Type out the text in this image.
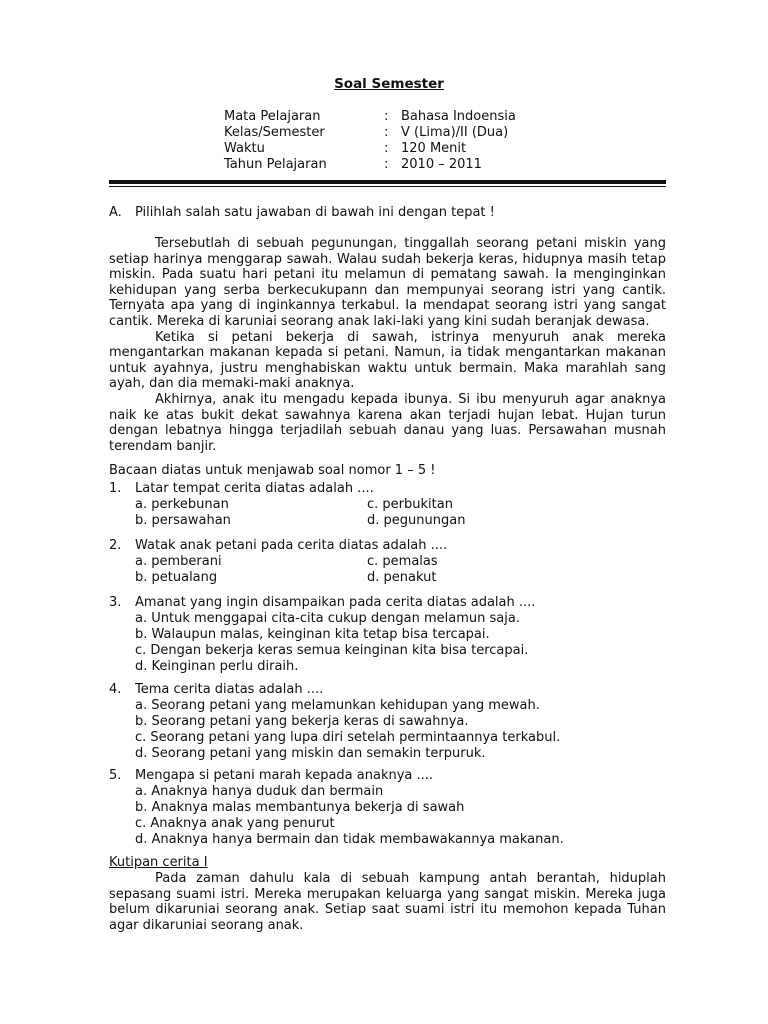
Soal Semester
Mata Pelajaran	: Bahasa Indoensia
Kelas/Semester	: V (Lima)/II (Dua)
Waktu	: 120 Menit
Tahun Pelajaran	: 2010 – 2011
A. Pilihlah salah satu jawaban di bawah ini dengan tepat !

Tersebutlah di sebuah pegunungan, tinggallah seorang petani miskin yang setiap harinya menggarap sawah. Walau sudah bekerja keras, hidupnya masih tetap miskin. Pada suatu hari petani itu melamun di pematang sawah. Ia menginginkan kehidupan yang serba berkecukupann dan mempunyai seorang istri yang cantik. Ternyata apa yang di inginkannya terkabul. Ia mendapat seorang istri yang sangat cantik. Mereka di karuniai seorang anak laki-laki yang kini sudah beranjak dewasa.

Ketika si petani bekerja di sawah, istrinya menyuruh anak mereka mengantarkan makanan kepada si petani. Namun, ia tidak mengantarkan makanan untuk ayahnya, justru menghabiskan waktu untuk bermain. Maka marahlah sang ayah, dan dia memaki-maki anaknya.

Akhirnya, anak itu mengadu kepada ibunya. Si ibu menyuruh agar anaknya naik ke atas bukit dekat sawahnya karena akan terjadi hujan lebat. Hujan turun dengan lebatnya hingga terjadilah sebuah danau yang luas. Persawahan musnah terendam banjir.

Bacaan diatas untuk menjawab soal nomor 1 – 5 !
1.	Latar tempat cerita diatas adalah ....
a. perkebunan
b. persawahan
c. perbukitan
d. pegunungan
2.	Watak anak petani pada cerita diatas adalah ....
a. pemberani
b. petualang
c. pemalas
d. penakut
3.	Amanat yang ingin disampaikan pada cerita diatas adalah ....
a. Untuk menggapai cita-cita cukup dengan melamun saja.
b. Walaupun malas, keinginan kita tetap bisa tercapai.
c. Dengan bekerja keras semua keinginan kita bisa tercapai.
d. Keinginan perlu diraih.
4.	Tema cerita diatas adalah ....
a. Seorang petani yang melamunkan kehidupan yang mewah.
b. Seorang petani yang bekerja keras di sawahnya.
c. Seorang petani yang lupa diri setelah permintaannya terkabul.
d. Seorang petani yang miskin dan semakin terpuruk.
5.	Mengapa si petani marah kepada anaknya ....
a. Anaknya hanya duduk dan bermain
b. Anaknya malas membantunya bekerja di sawah
c. Anaknya anak yang penurut
d. Anaknya hanya bermain dan tidak membawakannya makanan.
Kutipan cerita I

Pada zaman dahulu kala di sebuah kampung antah berantah, hiduplah sepasang suami istri. Mereka merupakan keluarga yang sangat miskin. Mereka juga belum dikaruniai seorang anak. Setiap saat suami istri itu memohon kepada Tuhan agar dikaruniai seorang anak.
